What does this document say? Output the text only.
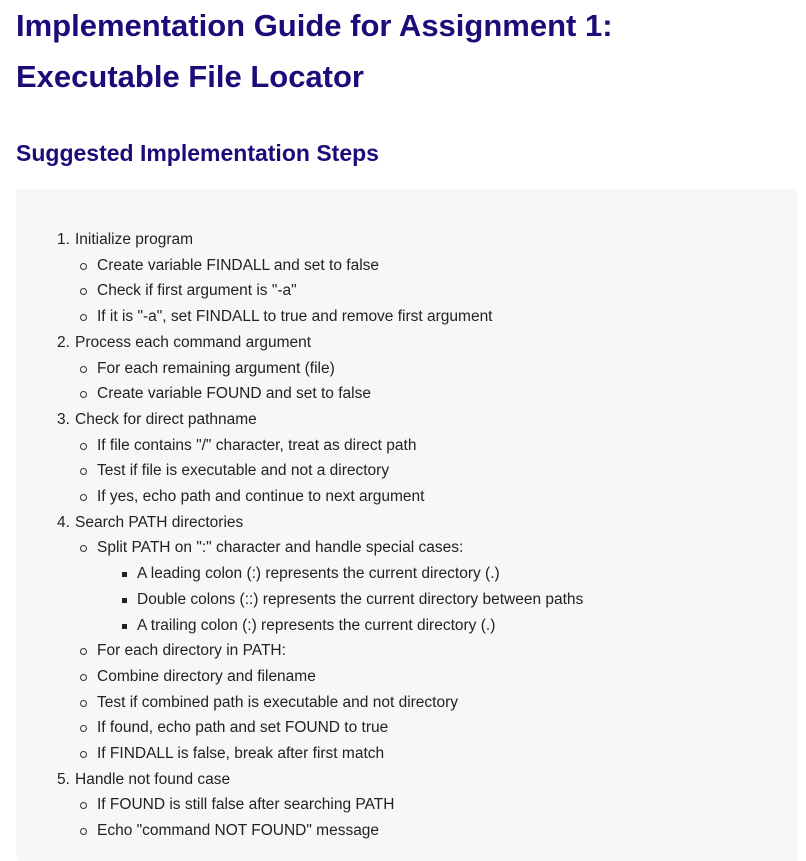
Implementation Guide for Assignment 1:
Executable File Locator
Suggested Implementation Steps
1. Initialize program
Create variable FINDALL and set to false
Check if first argument is "-a"
If it is "-a", set FINDALL to true and remove first argument
2. Process each command argument
For each remaining argument (file)
Create variable FOUND and set to false
3. Check for direct pathname
If file contains "/" character, treat as direct path
Test if file is executable and not a directory
If yes, echo path and continue to next argument
4. Search PATH directories
Split PATH on ":" character and handle special cases:
A leading colon (:) represents the current directory (.)
Double colons (::) represents the current directory between paths
A trailing colon (:) represents the current directory (.)
For each directory in PATH:
Combine directory and filename
Test if combined path is executable and not directory
If found, echo path and set FOUND to true
If FINDALL is false, break after first match
5. Handle not found case
If FOUND is still false after searching PATH
Echo "command NOT FOUND" message
